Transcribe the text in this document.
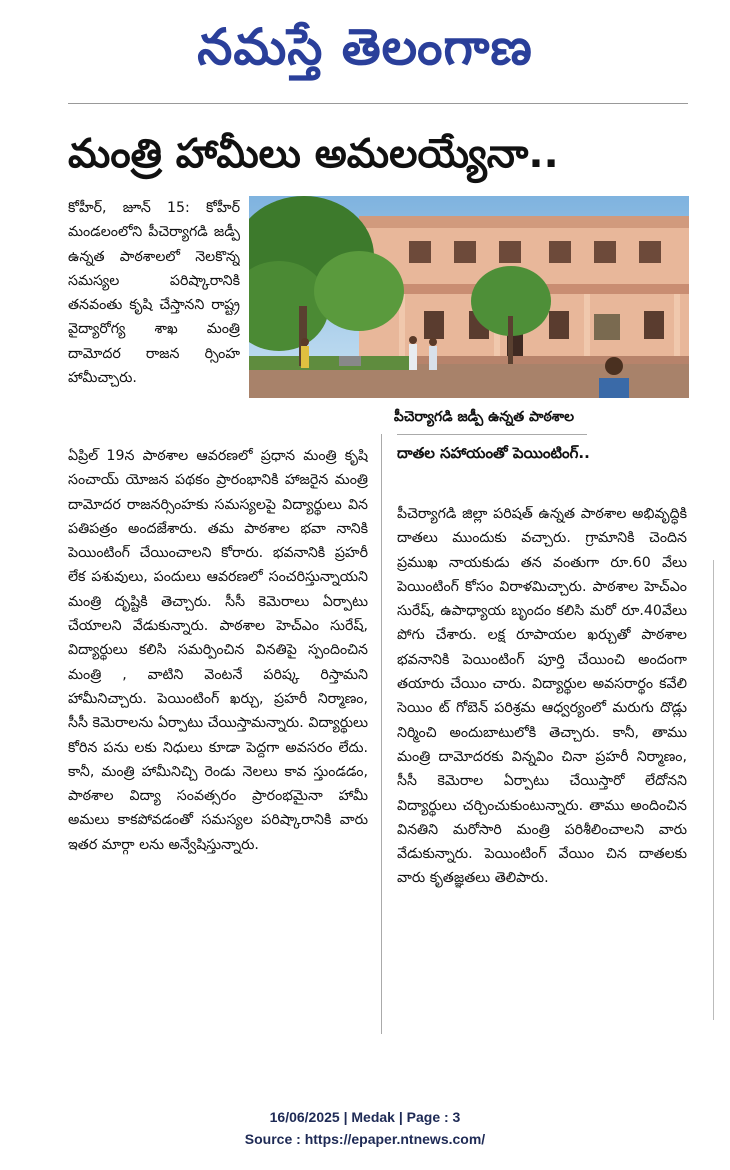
నమస్తే తెలంగాణ
మంత్రి హామీలు అమలయ్యేనా..
కోహీర్, జూన్ 15: కోహీర్ మండలంలోని పీచెర్యాగడి జడ్పీ ఉన్నత పాఠశాలలో నెలకొన్న సమస్యల పరిష్కారానికి తనవంతు కృషి చేస్తానని రాష్ట్ర వైద్యారోగ్య శాఖ మంత్రి దామోదర రాజన ర్సింహ హామీచ్చారు.
పీచెర్యాగడి జడ్పీ ఉన్నత పాఠశాల
దాతల సహాయంతో పెయింటింగ్..
ఏప్రిల్ 19న పాఠశాల ఆవరణలో ప్రధాన మంత్రి కృషి సంచాయ్ యోజన పథకం ప్రారంభానికి హాజరైన మంత్రి దామోదర రాజనర్సింహకు సమస్యలపై విద్యార్థులు విన పతిపత్రం అందజేశారు. తమ పాఠశాల భవా నానికి పెయింటింగ్ చేయించాలని కోరారు. భవనానికి ప్రహరీ లేక పశువులు, పందులు ఆవరణలో సంచరిస్తున్నాయని మంత్రి దృష్టికి తెచ్చారు. సీసీ కెమెరాలు ఏర్పాటు చేయాలని వేడుకున్నారు. పాఠశాల హెచ్ఎం సురేష్, విద్యార్థులు కలిసి సమర్పించిన వినతిపై స్పందించిన మంత్రి , వాటిని వెంటనే పరిష్క రిస్తామని హామీనిచ్చారు. పెయింటింగ్ ఖర్చు, ప్రహరీ నిర్మాణం, సీసీ కెమెరాలను ఏర్పాటు చేయిస్తామన్నారు. విద్యార్థులు కోరిన పను లకు నిధులు కూడా పెద్దగా అవసరం లేదు. కానీ, మంత్రి హామీనిచ్చి రెండు నెలలు కావ స్తుండడం, పాఠశాల విద్యా సంవత్సరం ప్రారంభమైనా హామీ అమలు కాకపోవడంతో సమస్యల పరిష్కారానికి వారు ఇతర మార్గా లను అన్వేషిస్తున్నారు.
పీచెర్యాగడి జిల్లా పరిషత్ ఉన్నత పాఠశాల అభివృద్ధికి దాతలు ముందుకు వచ్చారు. గ్రామానికి చెందిన ప్రముఖ నాయకుడు తన వంతుగా రూ.60 వేలు పెయింటింగ్ కోసం విరాళమిచ్చారు. పాఠశాల హెచ్ఎం సురేష్, ఉపాధ్యాయ బృందం కలిసి మరో రూ.40వేలు పోగు చేశారు. లక్ష రూపాయల ఖర్చుతో పాఠశాల భవనానికి పెయింటింగ్ పూర్తి చేయించి అందంగా తయారు చేయిం చారు. విద్యార్థుల అవసరార్థం కవేలి సెయిం ట్ గోబెన్ పరిశ్రమ ఆధ్వర్యంలో మరుగు దొడ్లు నిర్మించి అందుబాటులోకి తెచ్చారు. కానీ, తాము మంత్రి దామోదరకు విన్నవిం చినా ప్రహరీ నిర్మాణం, సీసీ కెమెరాల ఏర్పాటు చేయిస్తారో లేదోనని విద్యార్థులు చర్చించుకుంటున్నారు. తాము అందించిన వినతిని మరోసారి మంత్రి పరిశీలించాలని వారు వేడుకున్నారు. పెయింటింగ్ వేయిం చిన దాతలకు వారు కృతజ్ఞతలు తెలిపారు.
16/06/2025 | Medak | Page : 3
Source : https://epaper.ntnews.com/
